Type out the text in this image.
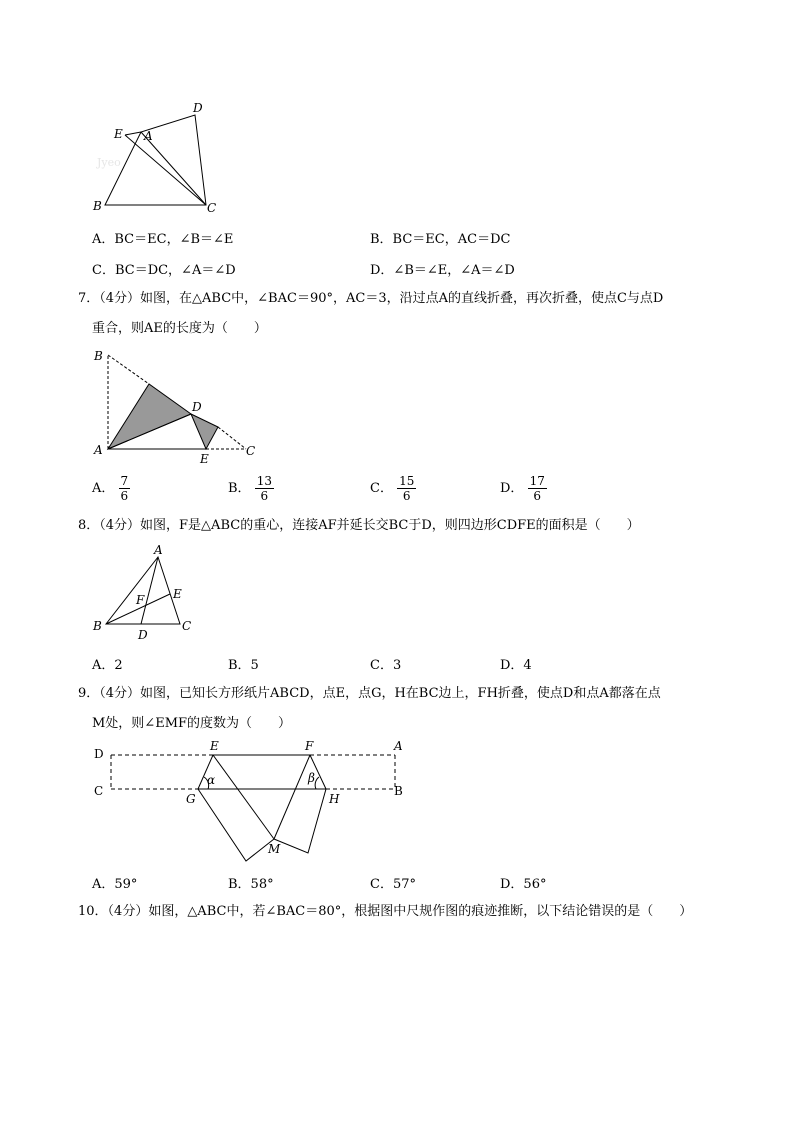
D
E A
B	C
Jyeo
A．BC＝EC，∠B＝∠E	B．BC＝EC，AC＝DC
C．BC＝DC，∠A＝∠D	D．∠B＝∠E，∠A＝∠D
7．（4分）如图，在△ABC中，∠BAC＝90°，AC＝3，沿过点A的直线折叠，再次折叠，使点C与点D
重合，则AE的长度为（　　）
B
D
A
E
C
A． $\frac{7}{6}$	B． $\frac{13}{6}$	C． $\frac{15}{6}$	D． $\frac{17}{6}$
8．（4分）如图，F是△ABC的重心，连接AF并延长交BC于D，则四边形CDFE的面积是（　　）
A
F E
B
D
C
A．2	B．5	C．3	D．4
9．（4分）如图，已知长方形纸片ABCD，点E，点G，H在BC边上，FH折叠，使点D和点A都落在点
M处，则∠EMF的度数为（　　）
D
E	F	A
C
G	H
B
M
α	β
A．59°	B．58°	C．57°	D．56°
10．（4分）如图，△ABC中，若∠BAC＝80°，根据图中尺规作图的痕迹推断，以下结论错误的是（　　）
